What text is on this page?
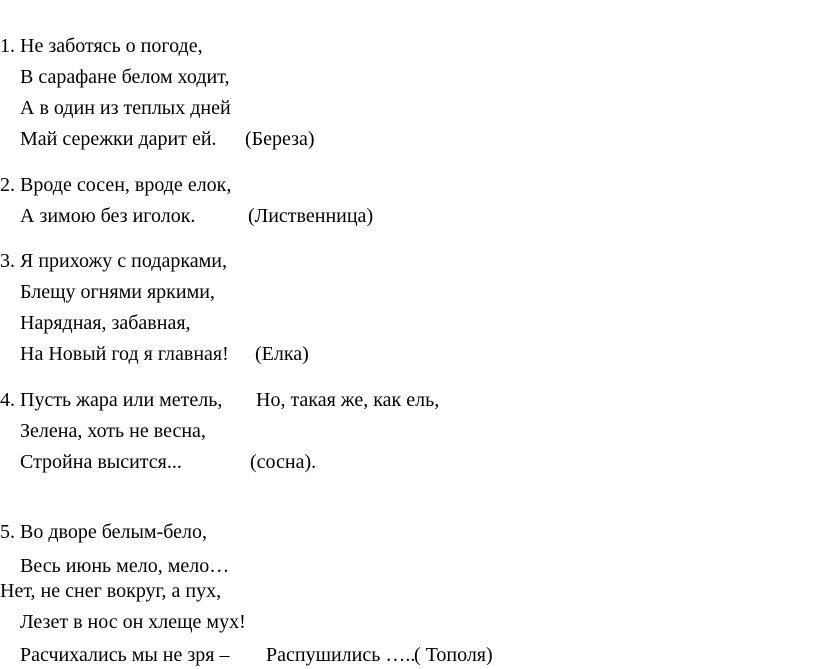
1. Не заботясь о погоде,
В сарафане белом ходит,
А в один из теплых дней
Май сережки дарит ей. (Береза)
2. Вроде сосен, вроде елок,
А зимою без иголок.	(Лиственница)
3. Я прихожу с подарками,
Блещу огнями яркими,
Нарядная, забавная,
На Новый год я главная! (Елка)
4. Пусть жара или метель, Но, такая же, как ель,
Зелена, хоть не весна,
Стройна высится...	(сосна).
5. Во дворе белым-бело,
Весь июнь мело, мело…
Нет, не снег вокруг, а пух,
Лезет в нос он хлеще мух!
Расчихались мы не зря – Распушились …..
( Тополя)
